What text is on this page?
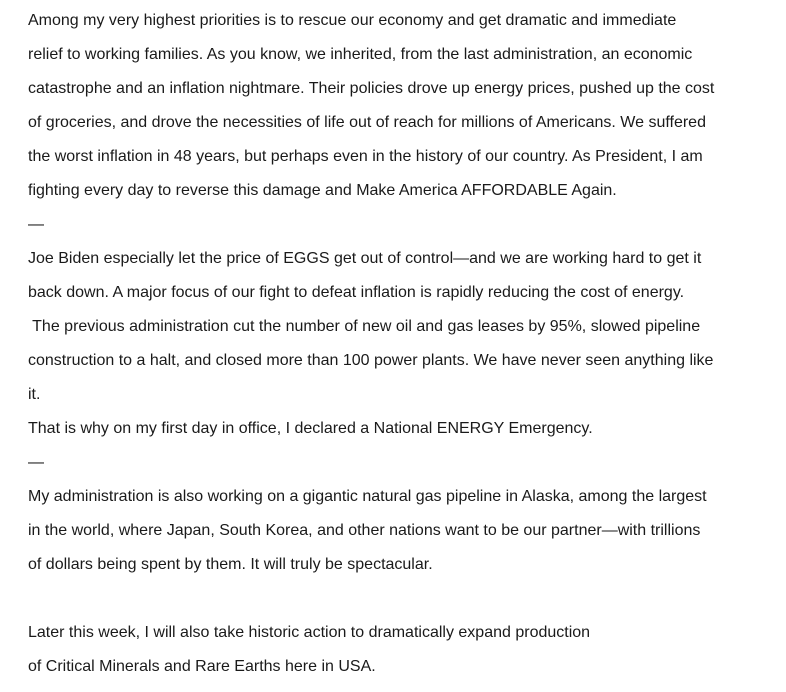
Among my very highest priorities is to rescue our economy and get dramatic and immediate
relief to working families. As you know, we inherited, from the last administration, an economic
catastrophe and an inflation nightmare. Their policies drove up energy prices, pushed up the cost
of groceries, and drove the necessities of life out of reach for millions of Americans. We suffered
the worst inflation in 48 years, but perhaps even in the history of our country. As President, I am
fighting every day to reverse this damage and Make America AFFORDABLE Again.
—
Joe Biden especially let the price of EGGS get out of control—and we are working hard to get it
back down. A major focus of our fight to defeat inflation is rapidly reducing the cost of energy.
The previous administration cut the number of new oil and gas leases by 95%, slowed pipeline
construction to a halt, and closed more than 100 power plants. We have never seen anything like
it.
That is why on my first day in office, I declared a National ENERGY Emergency.
—
My administration is also working on a gigantic natural gas pipeline in Alaska, among the largest
in the world, where Japan, South Korea, and other nations want to be our partner—with trillions
of dollars being spent by them. It will truly be spectacular.
Later this week, I will also take historic action to dramatically expand production
of Critical Minerals and Rare Earths here in USA.
